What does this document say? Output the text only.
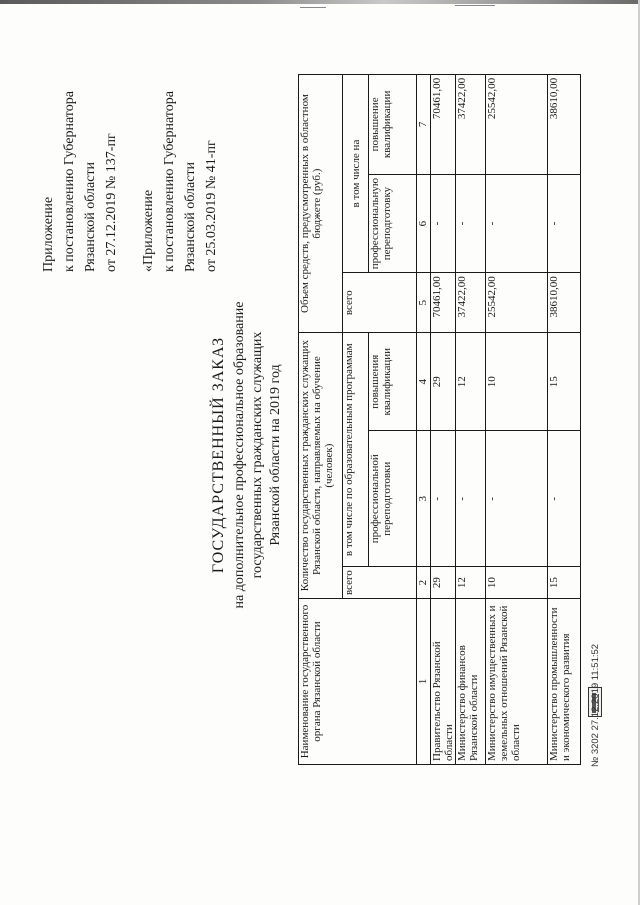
Приложение к постановлению Губернатора Рязанской области от 27.12.2019 № 137-пг «Приложение к постановлению Губернатора Рязанской области от 25.03.2019 № 41-пг
ГОСУДАРСТВЕННЫЙ ЗАКАЗ на дополнительное профессиональное образование государственных гражданских служащих Рязанской области на 2019 год
Наименование государственного органа Рязанской области	Количество государственных гражданских служащих Рязанской области, направляемых на обучение (человек)			Объем средств, предусмотренных в областном бюджете (руб.)		
	всего	в том числе по образовательным программам		всего	в том числе на	
		профессиональной переподготовки	повышения квалификации		профессиональную переподготовку	повышение квалификации
1	2	3	4	5	6	7
Правительство Рязанской области	29	-	29	70461,00	-	70461,00
Министерство финансов Рязанской области	12	-	12	37422,00	-	37422,00
Министерство имущественных и земельных отношений Рязанской области	10	-	10	25542,00	-	25542,00
Министерство промышленности и экономического развития	15	-	15	38610,00	-	38610,00
№ 3202 27.12.2019 11:51:52
